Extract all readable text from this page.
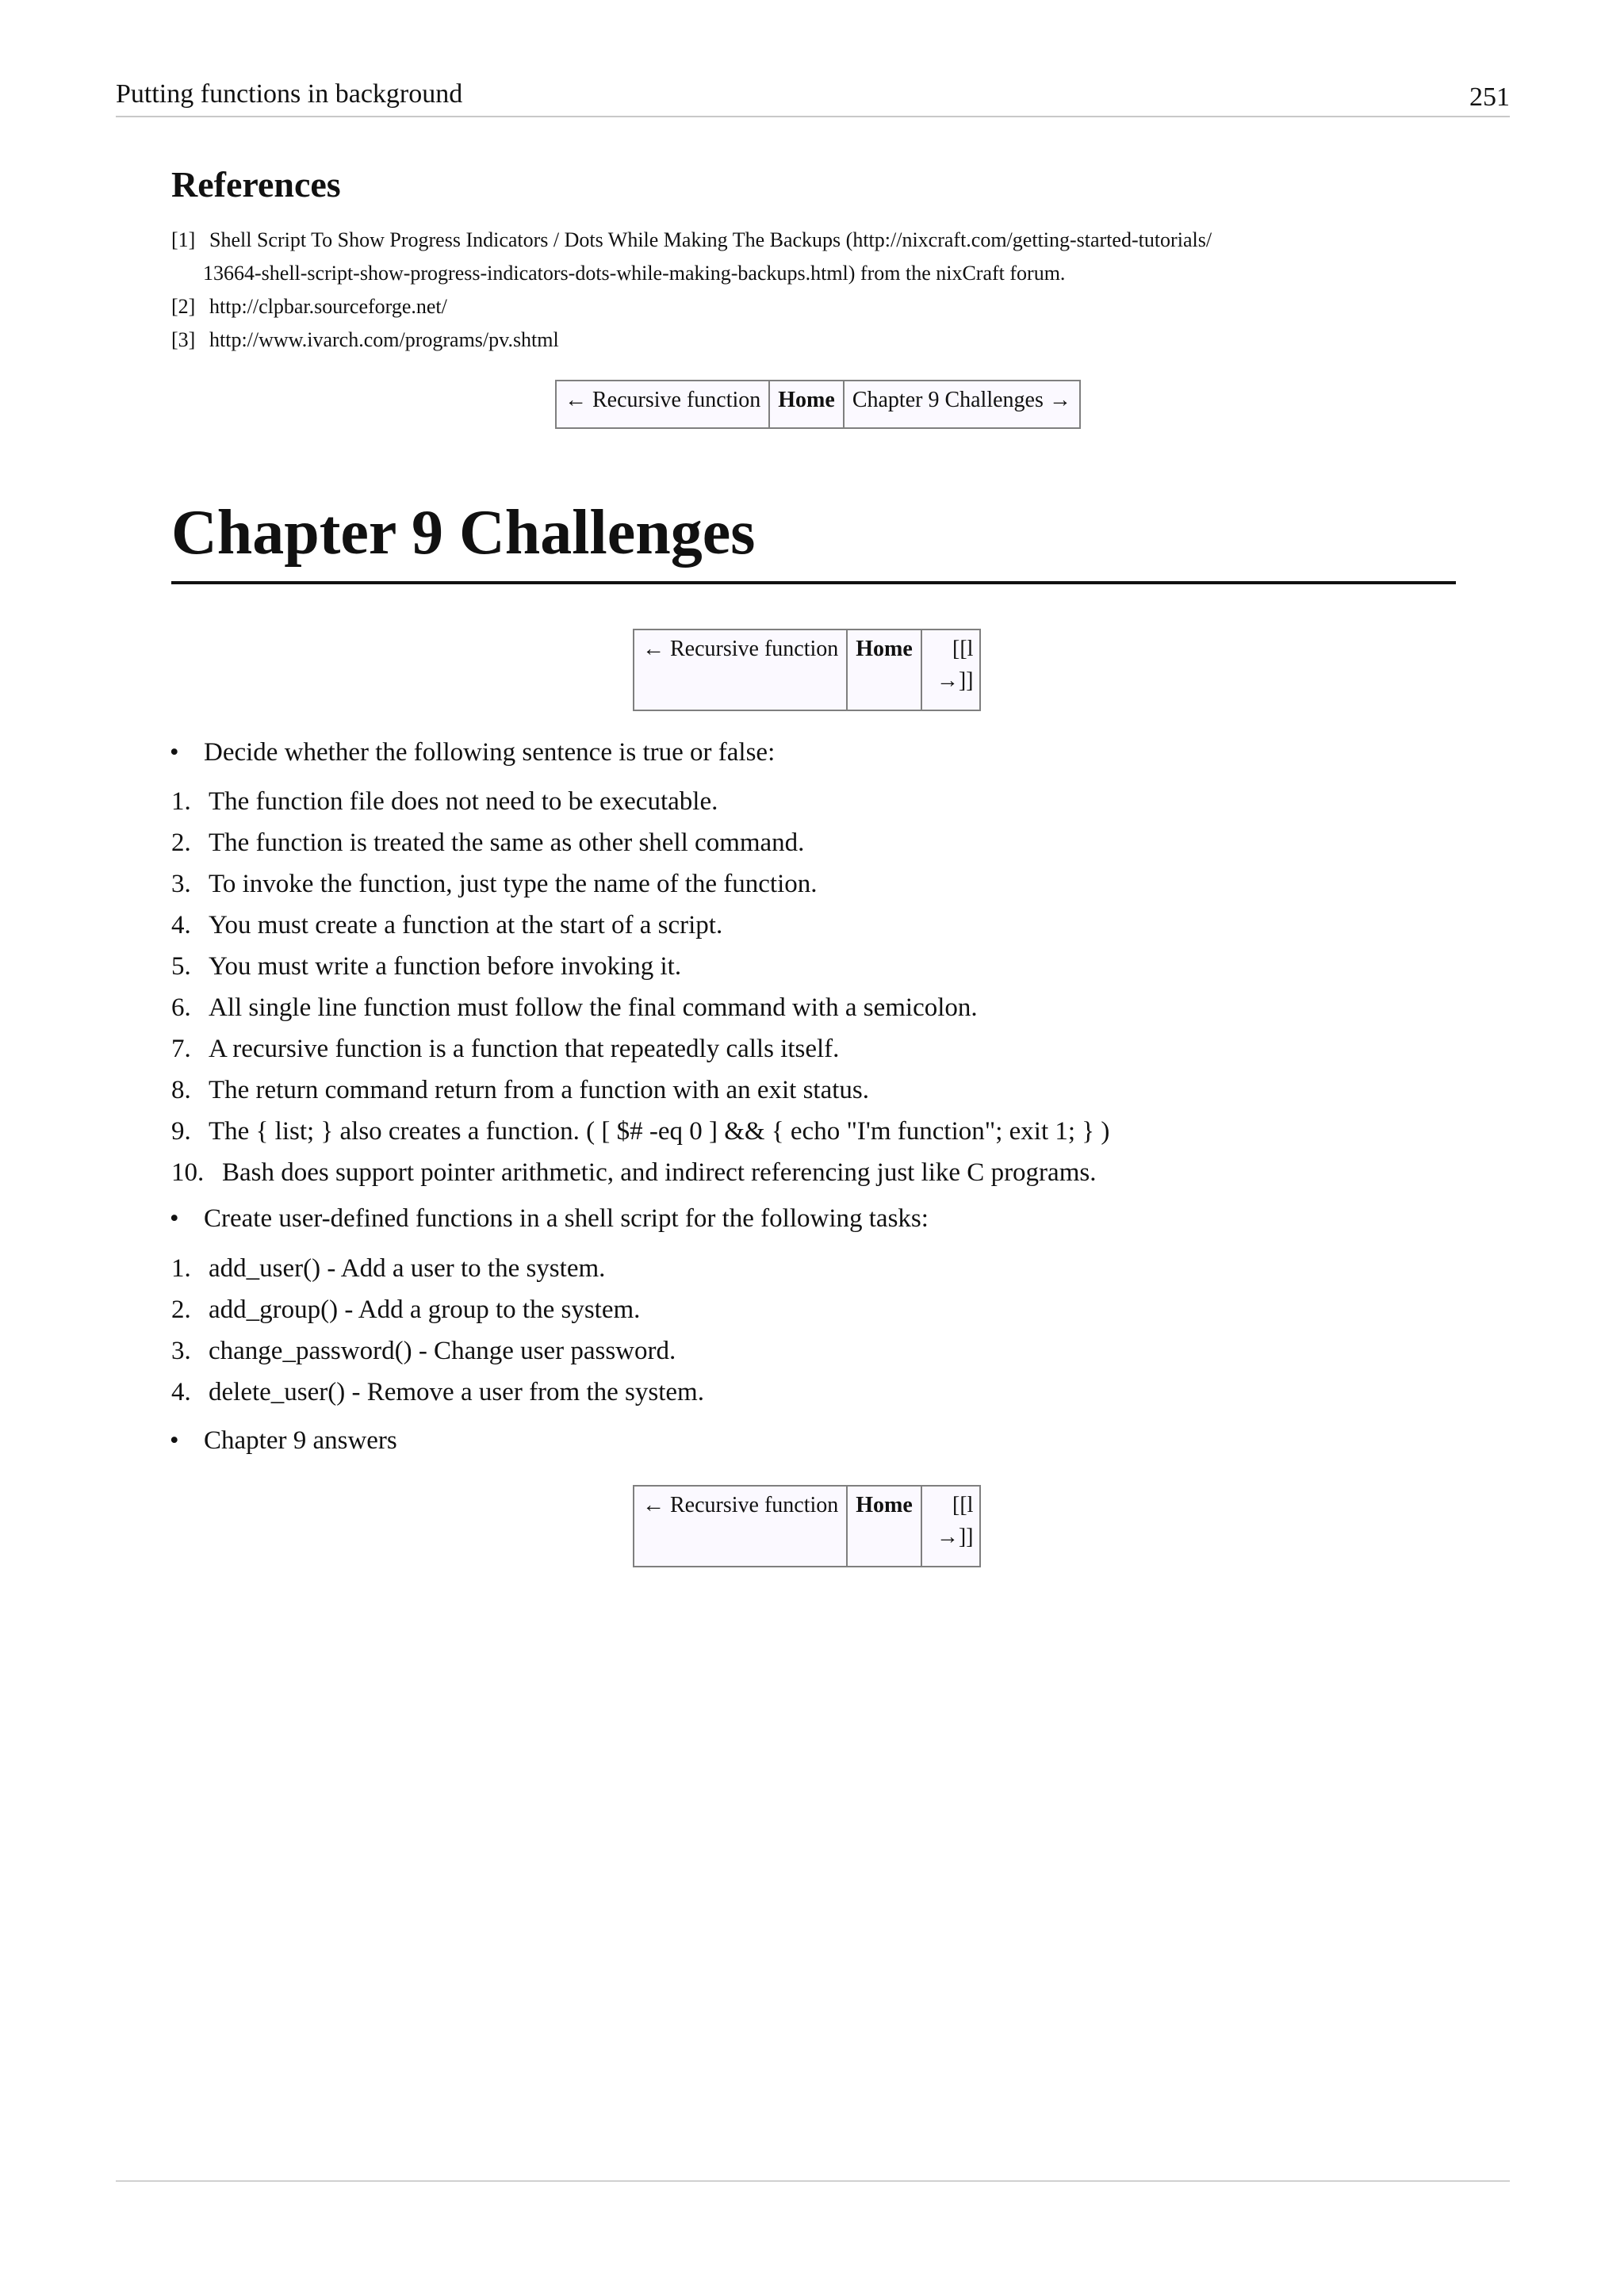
Putting functions in background	251
References
[1] Shell Script To Show Progress Indicators / Dots While Making The Backups (http://nixcraft.com/getting-started-tutorials/
13664-shell-script-show-progress-indicators-dots-while-making-backups.html) from the nixCraft forum.
[2] http://clpbar.sourceforge.net/
[3] http://www.ivarch.com/programs/pv.shtml
← Recursive function	Home	Chapter 9 Challenges →
Chapter 9 Challenges
← Recursive function	Home	[[l
→]]
• Decide whether the following sentence is true or false:
1. The function file does not need to be executable.
2. The function is treated the same as other shell command.
3. To invoke the function, just type the name of the function.
4. You must create a function at the start of a script.
5. You must write a function before invoking it.
6. All single line function must follow the final command with a semicolon.
7. A recursive function is a function that repeatedly calls itself.
8. The return command return from a function with an exit status.
9. The { list; } also creates a function. ( [ $# -eq 0 ] && { echo "I'm function"; exit 1; } )
10. Bash does support pointer arithmetic, and indirect referencing just like C programs.
• Create user-defined functions in a shell script for the following tasks:
1. add_user() - Add a user to the system.
2. add_group() - Add a group to the system.
3. change_password() - Change user password.
4. delete_user() - Remove a user from the system.
• Chapter 9 answers
← Recursive function	Home	[[l
→]]
